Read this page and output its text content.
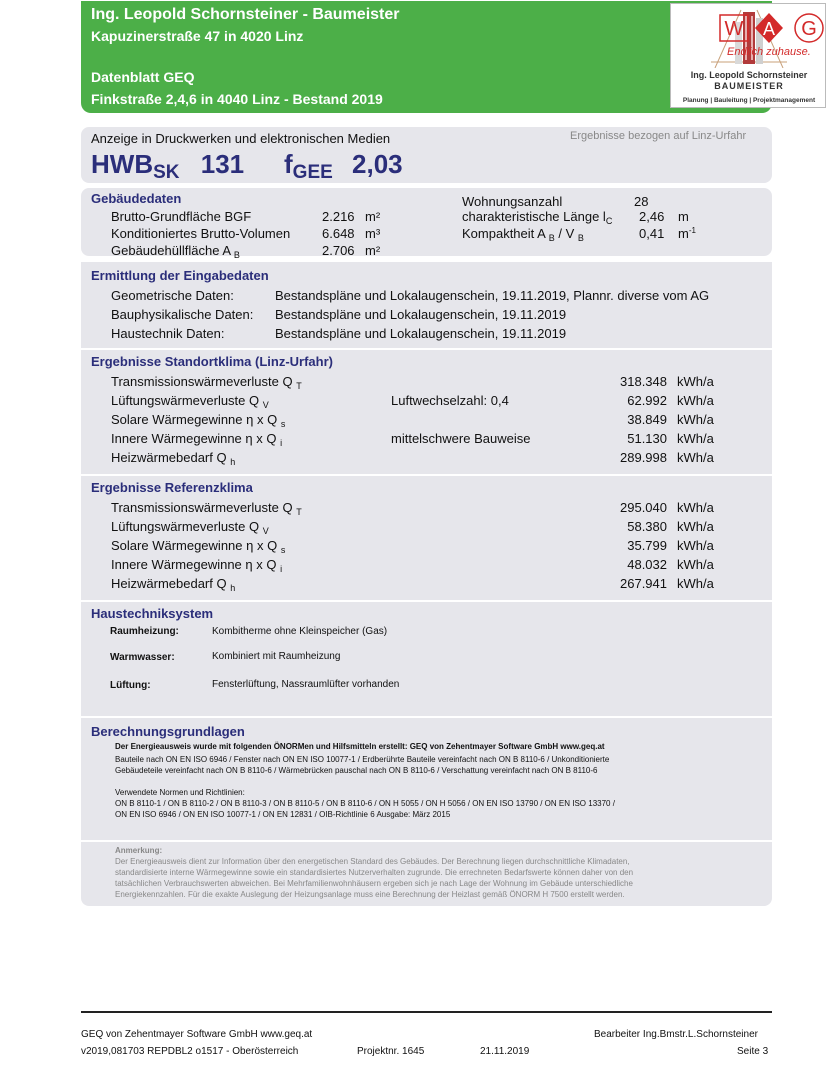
Ing. Leopold Schornsteiner - Baumeister
Kapuzinerstraße 47 in 4020 Linz
Datenblatt GEQ
Finkstraße 2,4,6 in 4040 Linz - Bestand 2019
Ing. Leopold Schornsteiner
BAUMEISTER
Planung | Bauleitung | Projektmanagement
W A G
Endlich zuhause.
Anzeige in Druckwerken und elektronischen Medien	Ergebnisse bezogen auf Linz-Urfahr
HWBSK 131 fGEE 2,03
Gebäudedaten
Brutto-Grundfläche BGF	2.216 m²
Konditioniertes Brutto-Volumen 6.648 m³
Gebäudehüllfläche A $_B$	2.706 m²
Wohnungsanzahl	28
charakteristische Länge $l_C$ 2,46 m
Kompaktheit A $_B$ / V $_B$	0,41 $m^{-1}$
Ermittlung der Eingabedaten
Geometrische Daten:	Bestandspläne und Lokalaugenschein, 19.11.2019, Plannr. diverse vom AG
Bauphysikalische Daten: Bestandspläne und Lokalaugenschein, 19.11.2019
Haustechnik Daten:	Bestandspläne und Lokalaugenschein, 19.11.2019
Ergebnisse Standortklima (Linz-Urfahr)
Transmissionswärmeverluste Q $_T$	318.348 kWh/a
Lüftungswärmeverluste Q $_V$	Luftwechselzahl: 0,4	62.992 kWh/a
Solare Wärmegewinne η x Q $_s$	38.849 kWh/a
Innere Wärmegewinne η x Q $_i$	mittelschwere Bauweise	51.130 kWh/a
Heizwärmebedarf Q $_h$	289.998 kWh/a
Ergebnisse Referenzklima
Transmissionswärmeverluste Q $_T$	295.040 kWh/a
Lüftungswärmeverluste Q $_V$	58.380 kWh/a
Solare Wärmegewinne η x Q $_s$	35.799 kWh/a
Innere Wärmegewinne η x Q $_i$	48.032 kWh/a
Heizwärmebedarf Q $_h$	267.941 kWh/a
Haustechniksystem
Raumheizung:	Kombitherme ohne Kleinspeicher (Gas)
Warmwasser:	Kombiniert mit Raumheizung
Lüftung:	Fensterlüftung, Nassraumlüfter vorhanden
Berechnungsgrundlagen
Der Energieausweis wurde mit folgenden ÖNORMen und Hilfsmitteln erstellt: GEQ von Zehentmayer Software GmbH www.geq.at
Bauteile nach ON EN ISO 6946 / Fenster nach ON EN ISO 10077-1 / Erdberührte Bauteile vereinfacht nach ON B 8110-6 / Unkonditionierte
Gebäudeteile vereinfacht nach ON B 8110-6 / Wärmebrücken pauschal nach ON B 8110-6 / Verschattung vereinfacht nach ON B 8110-6
Verwendete Normen und Richtlinien:
ON B 8110-1 / ON B 8110-2 / ON B 8110-3 / ON B 8110-5 / ON B 8110-6 / ON H 5055 / ON H 5056 / ON EN ISO 13790 / ON EN ISO 13370 /
ON EN ISO 6946 / ON EN ISO 10077-1 / ON EN 12831 / OIB-Richtlinie 6 Ausgabe: März 2015
Anmerkung:
Der Energieausweis dient zur Information über den energetischen Standard des Gebäudes. Der Berechnung liegen durchschnittliche Klimadaten,
standardisierte interne Wärmegewinne sowie ein standardisiertes Nutzerverhalten zugrunde. Die errechneten Bedarfswerte können daher von den
tatsächlichen Verbrauchswerten abweichen. Bei Mehrfamilienwohnhäusern ergeben sich je nach Lage der Wohnung im Gebäude unterschiedliche
Energiekennzahlen. Für die exakte Auslegung der Heizungsanlage muss eine Berechnung der Heizlast gemäß ÖNORM H 7500 erstellt werden.
GEQ von Zehentmayer Software GmbH www.geq.at	Bearbeiter Ing.Bmstr.L.Schornsteiner
v2019,081703 REPDBL2 o1517 - Oberösterreich	Projektnr. 1645	21.11.2019	Seite 3
